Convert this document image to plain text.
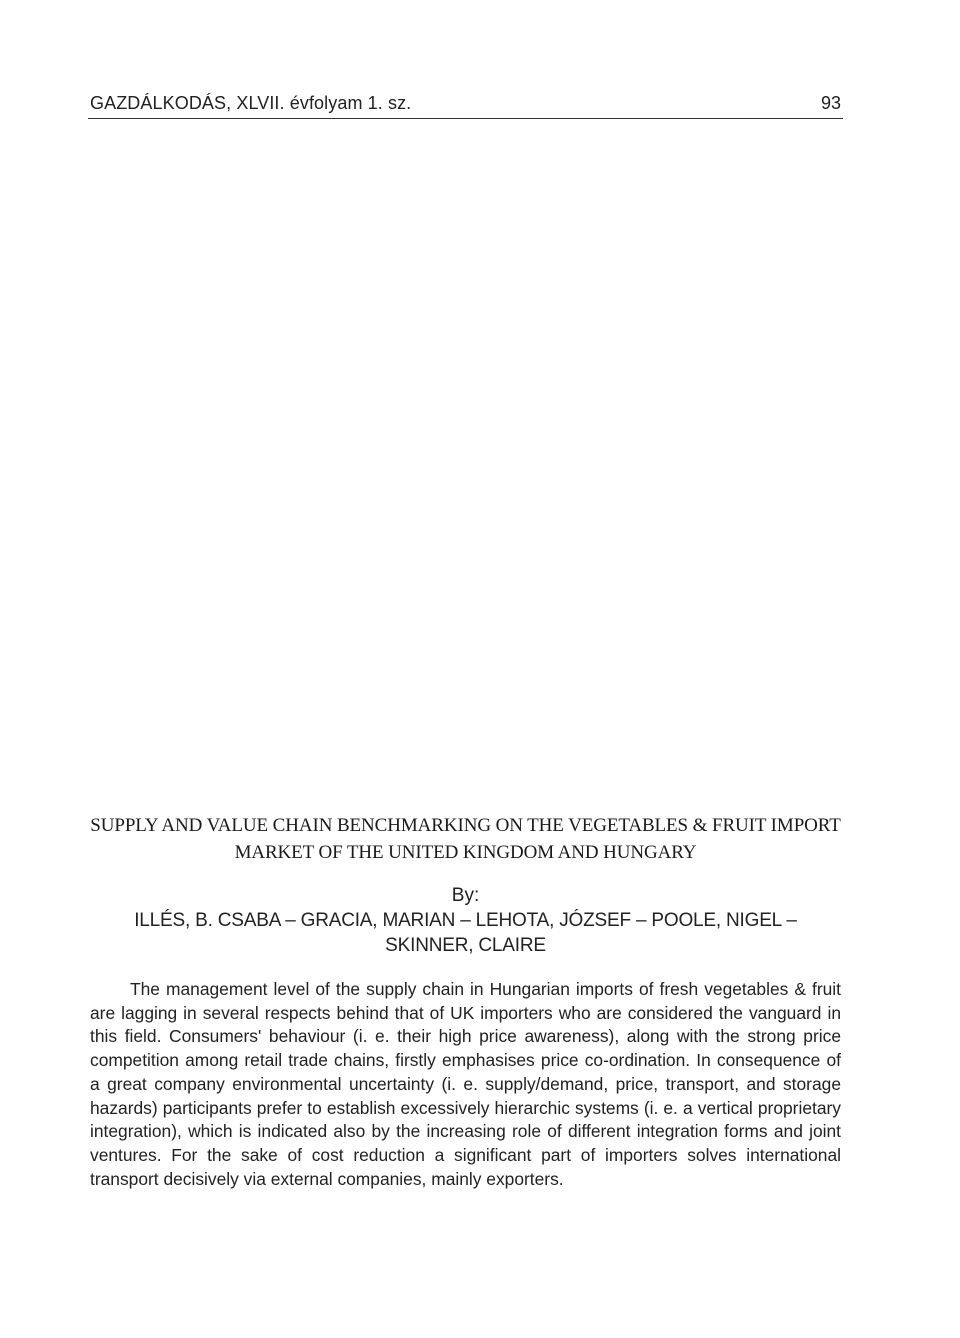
GAZDÁLKODÁS, XLVII. évfolyam 1. sz.	93
SUPPLY AND VALUE CHAIN BENCHMARKING ON THE VEGETABLES & FRUIT IMPORT MARKET OF THE UNITED KINGDOM AND HUNGARY
By:
ILLÉS, B. CSABA – GRACIA, MARIAN – LEHOTA, JÓZSEF – POOLE, NIGEL – SKINNER, CLAIRE

The management level of the supply chain in Hungarian imports of fresh vegetables & fruit are lagging in several respects behind that of UK importers who are considered the vanguard in this field. Consumers' behaviour (i. e. their high price awareness), along with the strong price competition among retail trade chains, firstly emphasises price co-ordination. In consequence of a great company environmental uncertainty (i. e. supply/demand, price, transport, and storage hazards) participants prefer to establish excessively hierarchic systems (i. e. a vertical proprietary integration), which is indicated also by the increasing role of different integration forms and joint ventures. For the sake of cost reduction a significant part of importers solves international transport decisively via external companies, mainly exporters.
